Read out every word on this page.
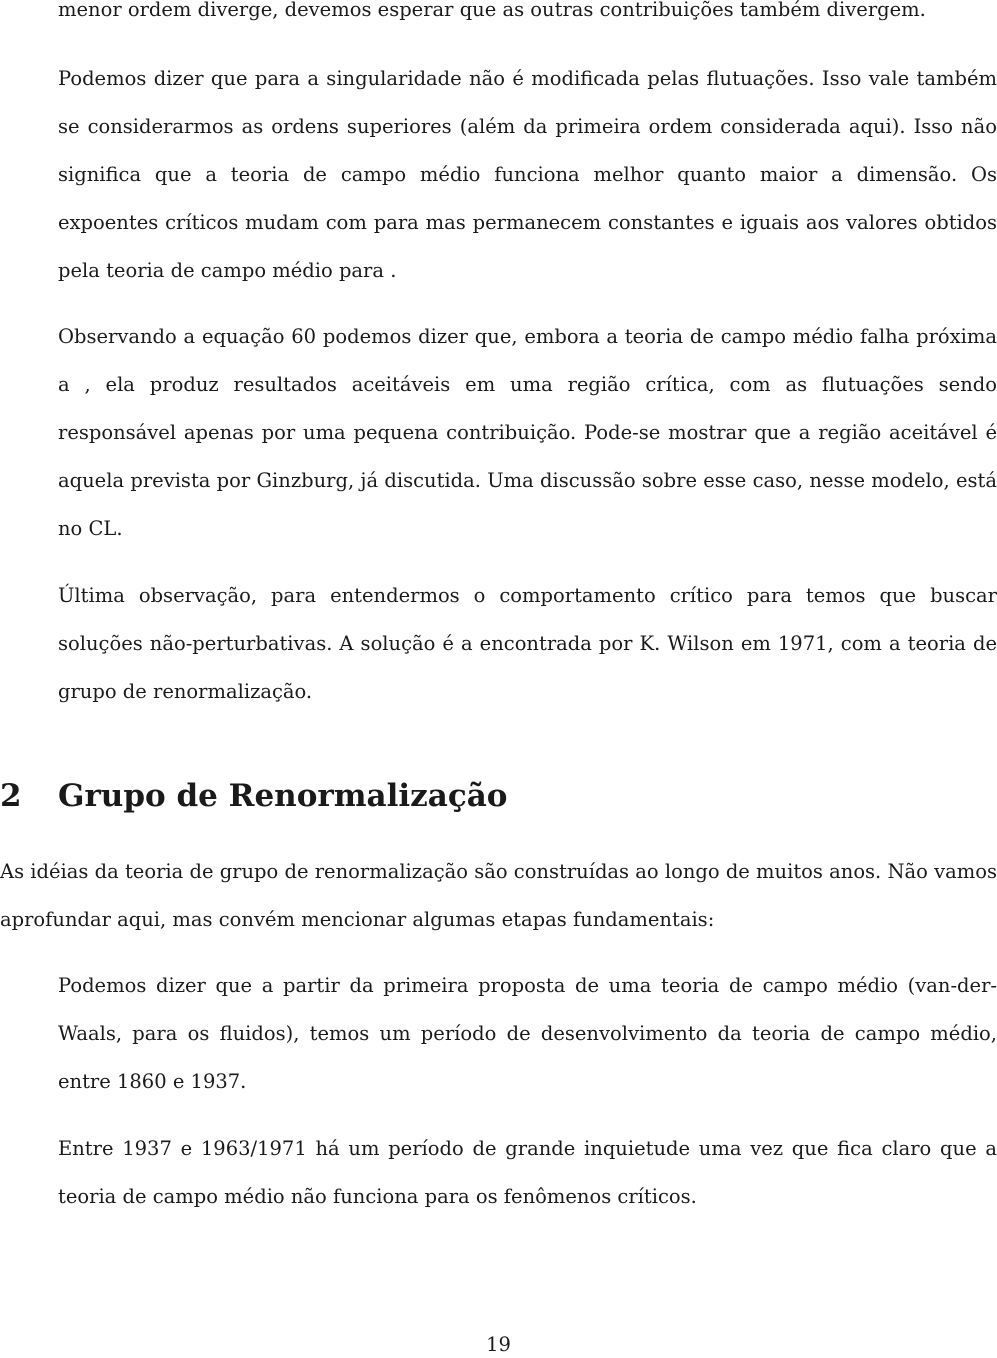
menor ordem diverge, devemos esperar que as outras contribuições também divergem.

Podemos dizer que para a singularidade não é modificada pelas flutuações. Isso vale também se considerarmos as ordens superiores (além da primeira ordem considerada aqui). Isso não significa que a teoria de campo médio funciona melhor quanto maior a dimensão. Os expoentes críticos mudam com para mas permanecem constantes e iguais aos valores obtidos pela teoria de campo médio para .

Observando a equação 60 podemos dizer que, embora a teoria de campo médio falha próxima a , ela produz resultados aceitáveis em uma região crítica, com as flutuações sendo responsável apenas por uma pequena contribuição. Pode-se mostrar que a região aceitável é aquela prevista por Ginzburg, já discutida. Uma discussão sobre esse caso, nesse modelo, está no CL.

Última observação, para entendermos o comportamento crítico para temos que buscar soluções não-perturbativas. A solução é a encontrada por K. Wilson em 1971, com a teoria de grupo de renormalização.

2 Grupo de Renormalização

As idéias da teoria de grupo de renormalização são construídas ao longo de muitos anos. Não vamos aprofundar aqui, mas convém mencionar algumas etapas fundamentais:

Podemos dizer que a partir da primeira proposta de uma teoria de campo médio (van-der-Waals, para os fluidos), temos um período de desenvolvimento da teoria de campo médio, entre 1860 e 1937.

Entre 1937 e 1963/1971 há um período de grande inquietude uma vez que fica claro que a teoria de campo médio não funciona para os fenômenos críticos.

19
